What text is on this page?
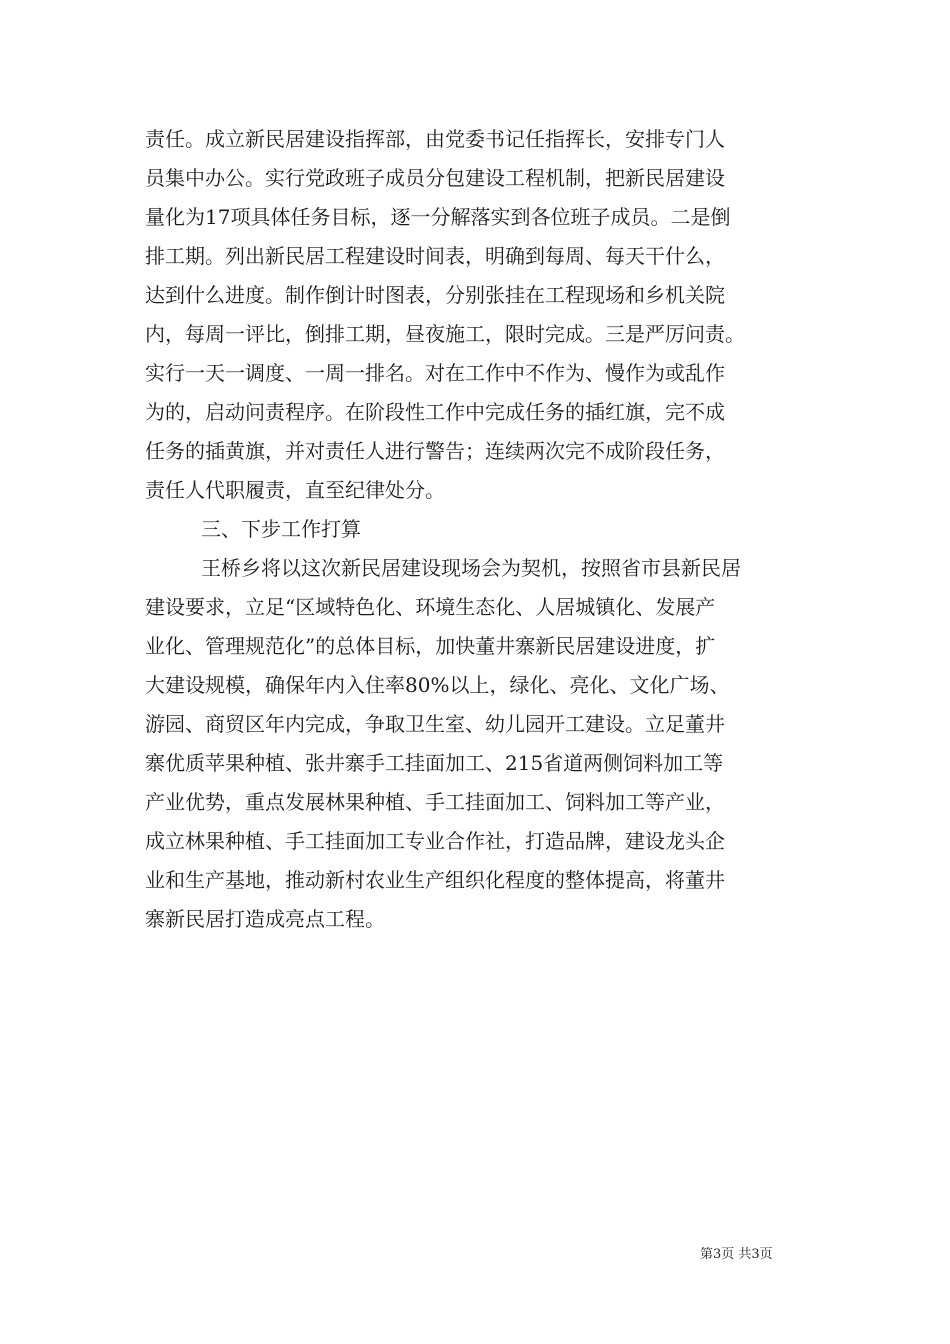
责任。成立新民居建设指挥部，由党委书记任指挥长，安排专门人
员集中办公。实行党政班子成员分包建设工程机制，把新民居建设
量化为17项具体任务目标，逐一分解落实到各位班子成员。二是倒
排工期。列出新民居工程建设时间表，明确到每周、每天干什么，
达到什么进度。制作倒计时图表，分别张挂在工程现场和乡机关院
内，每周一评比，倒排工期，昼夜施工，限时完成。三是严厉问责。
实行一天一调度、一周一排名。对在工作中不作为、慢作为或乱作
为的，启动问责程序。在阶段性工作中完成任务的插红旗，完不成
任务的插黄旗，并对责任人进行警告；连续两次完不成阶段任务，
责任人代职履责，直至纪律处分。
三、下步工作打算
王桥乡将以这次新民居建设现场会为契机，按照省市县新民居
建设要求，立足“区域特色化、环境生态化、人居城镇化、发展产
业化、管理规范化”的总体目标，加快董井寨新民居建设进度，扩
大建设规模，确保年内入住率80%以上，绿化、亮化、文化广场、
游园、商贸区年内完成，争取卫生室、幼儿园开工建设。立足董井
寨优质苹果种植、张井寨手工挂面加工、215省道两侧饲料加工等
产业优势，重点发展林果种植、手工挂面加工、饲料加工等产业，
成立林果种植、手工挂面加工专业合作社，打造品牌，建设龙头企
业和生产基地，推动新村农业生产组织化程度的整体提高，将董井
寨新民居打造成亮点工程。
第3页 共3页
